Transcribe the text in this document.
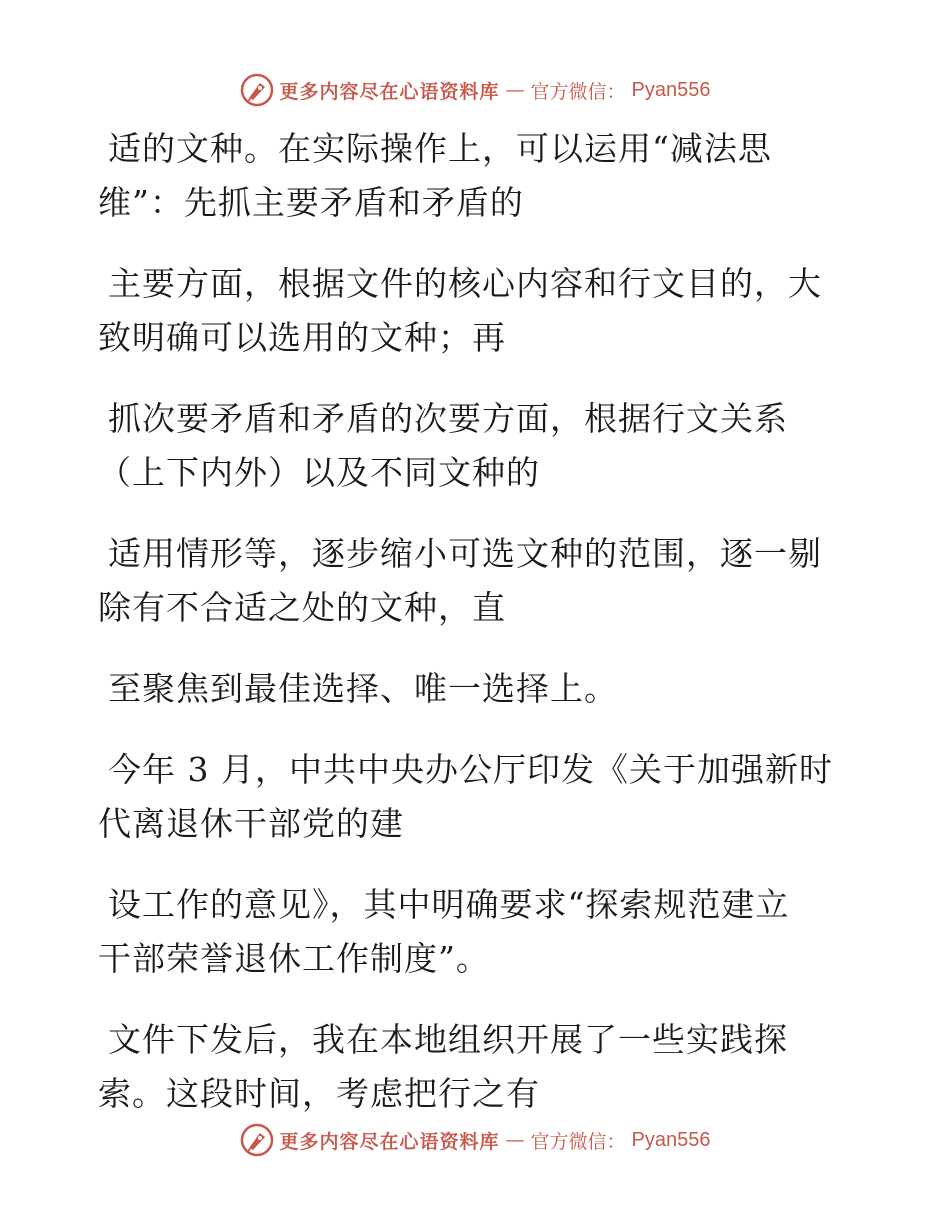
更多内容尽在心语资料库 — 官方微信： Pyan556

适的文种。在实际操作上，可以运用“减法思
维”：先抓主要矛盾和矛盾的

主要方面，根据文件的核心内容和行文目的，大
致明确可以选用的文种；再

抓次要矛盾和矛盾的次要方面，根据行文关系
（上下内外）以及不同文种的

适用情形等，逐步缩小可选文种的范围，逐一剔
除有不合适之处的文种，直

至聚焦到最佳选择、唯一选择上。

今年 3 月，中共中央办公厅印发《关于加强新时
代离退休干部党的建

设工作的意见》，其中明确要求“探索规范建立
干部荣誉退休工作制度”。

文件下发后，我在本地组织开展了一些实践探
索。这段时间，考虑把行之有

更多内容尽在心语资料库 — 官方微信： Pyan556
